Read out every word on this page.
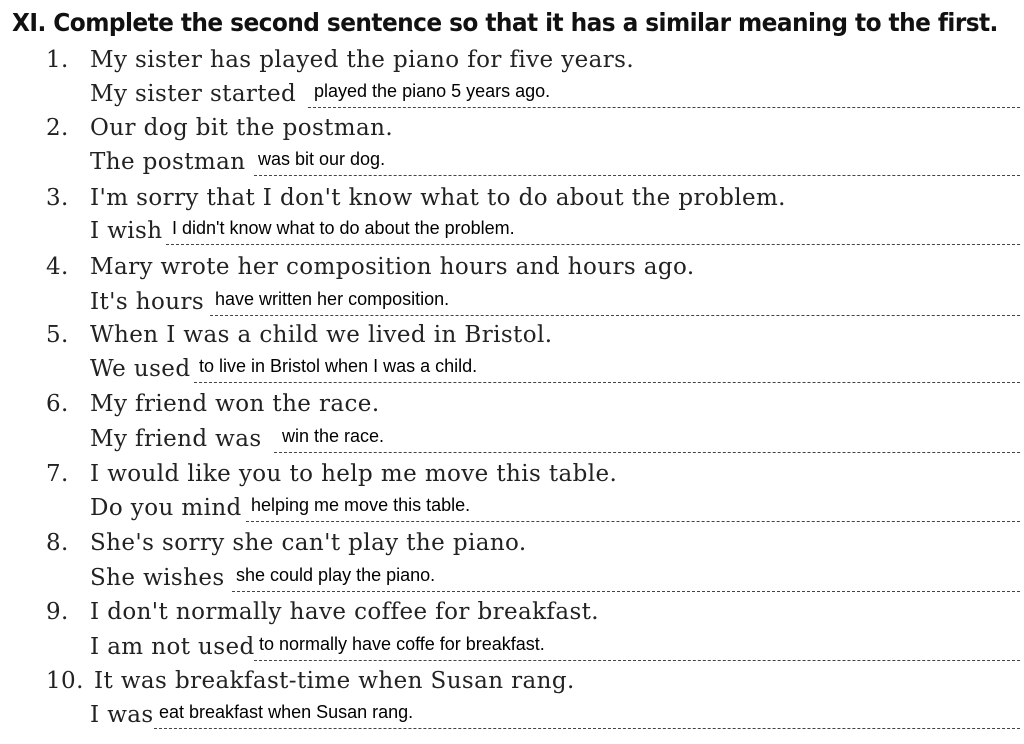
XI. Complete the second sentence so that it has a similar meaning to the first.
1. My sister has played the piano for five years.
My sister started played the piano 5 years ago.
2. Our dog bit the postman.
The postman was bit our dog.
3. I'm sorry that I don't know what to do about the problem.
I wish I didn't know what to do about the problem.
4. Mary wrote her composition hours and hours ago.
It's hours have written her composition.
5. When I was a child we lived in Bristol.
We used to live in Bristol when I was a child.
6. My friend won the race.
My friend was win the race.
7. I would like you to help me move this table.
Do you mind helping me move this table.
8. She's sorry she can't play the piano.
She wishes she could play the piano.
9. I don't normally have coffee for breakfast.
I am not used to normally have coffe for breakfast.
10. It was breakfast-time when Susan rang.
I was eat breakfast when Susan rang.
